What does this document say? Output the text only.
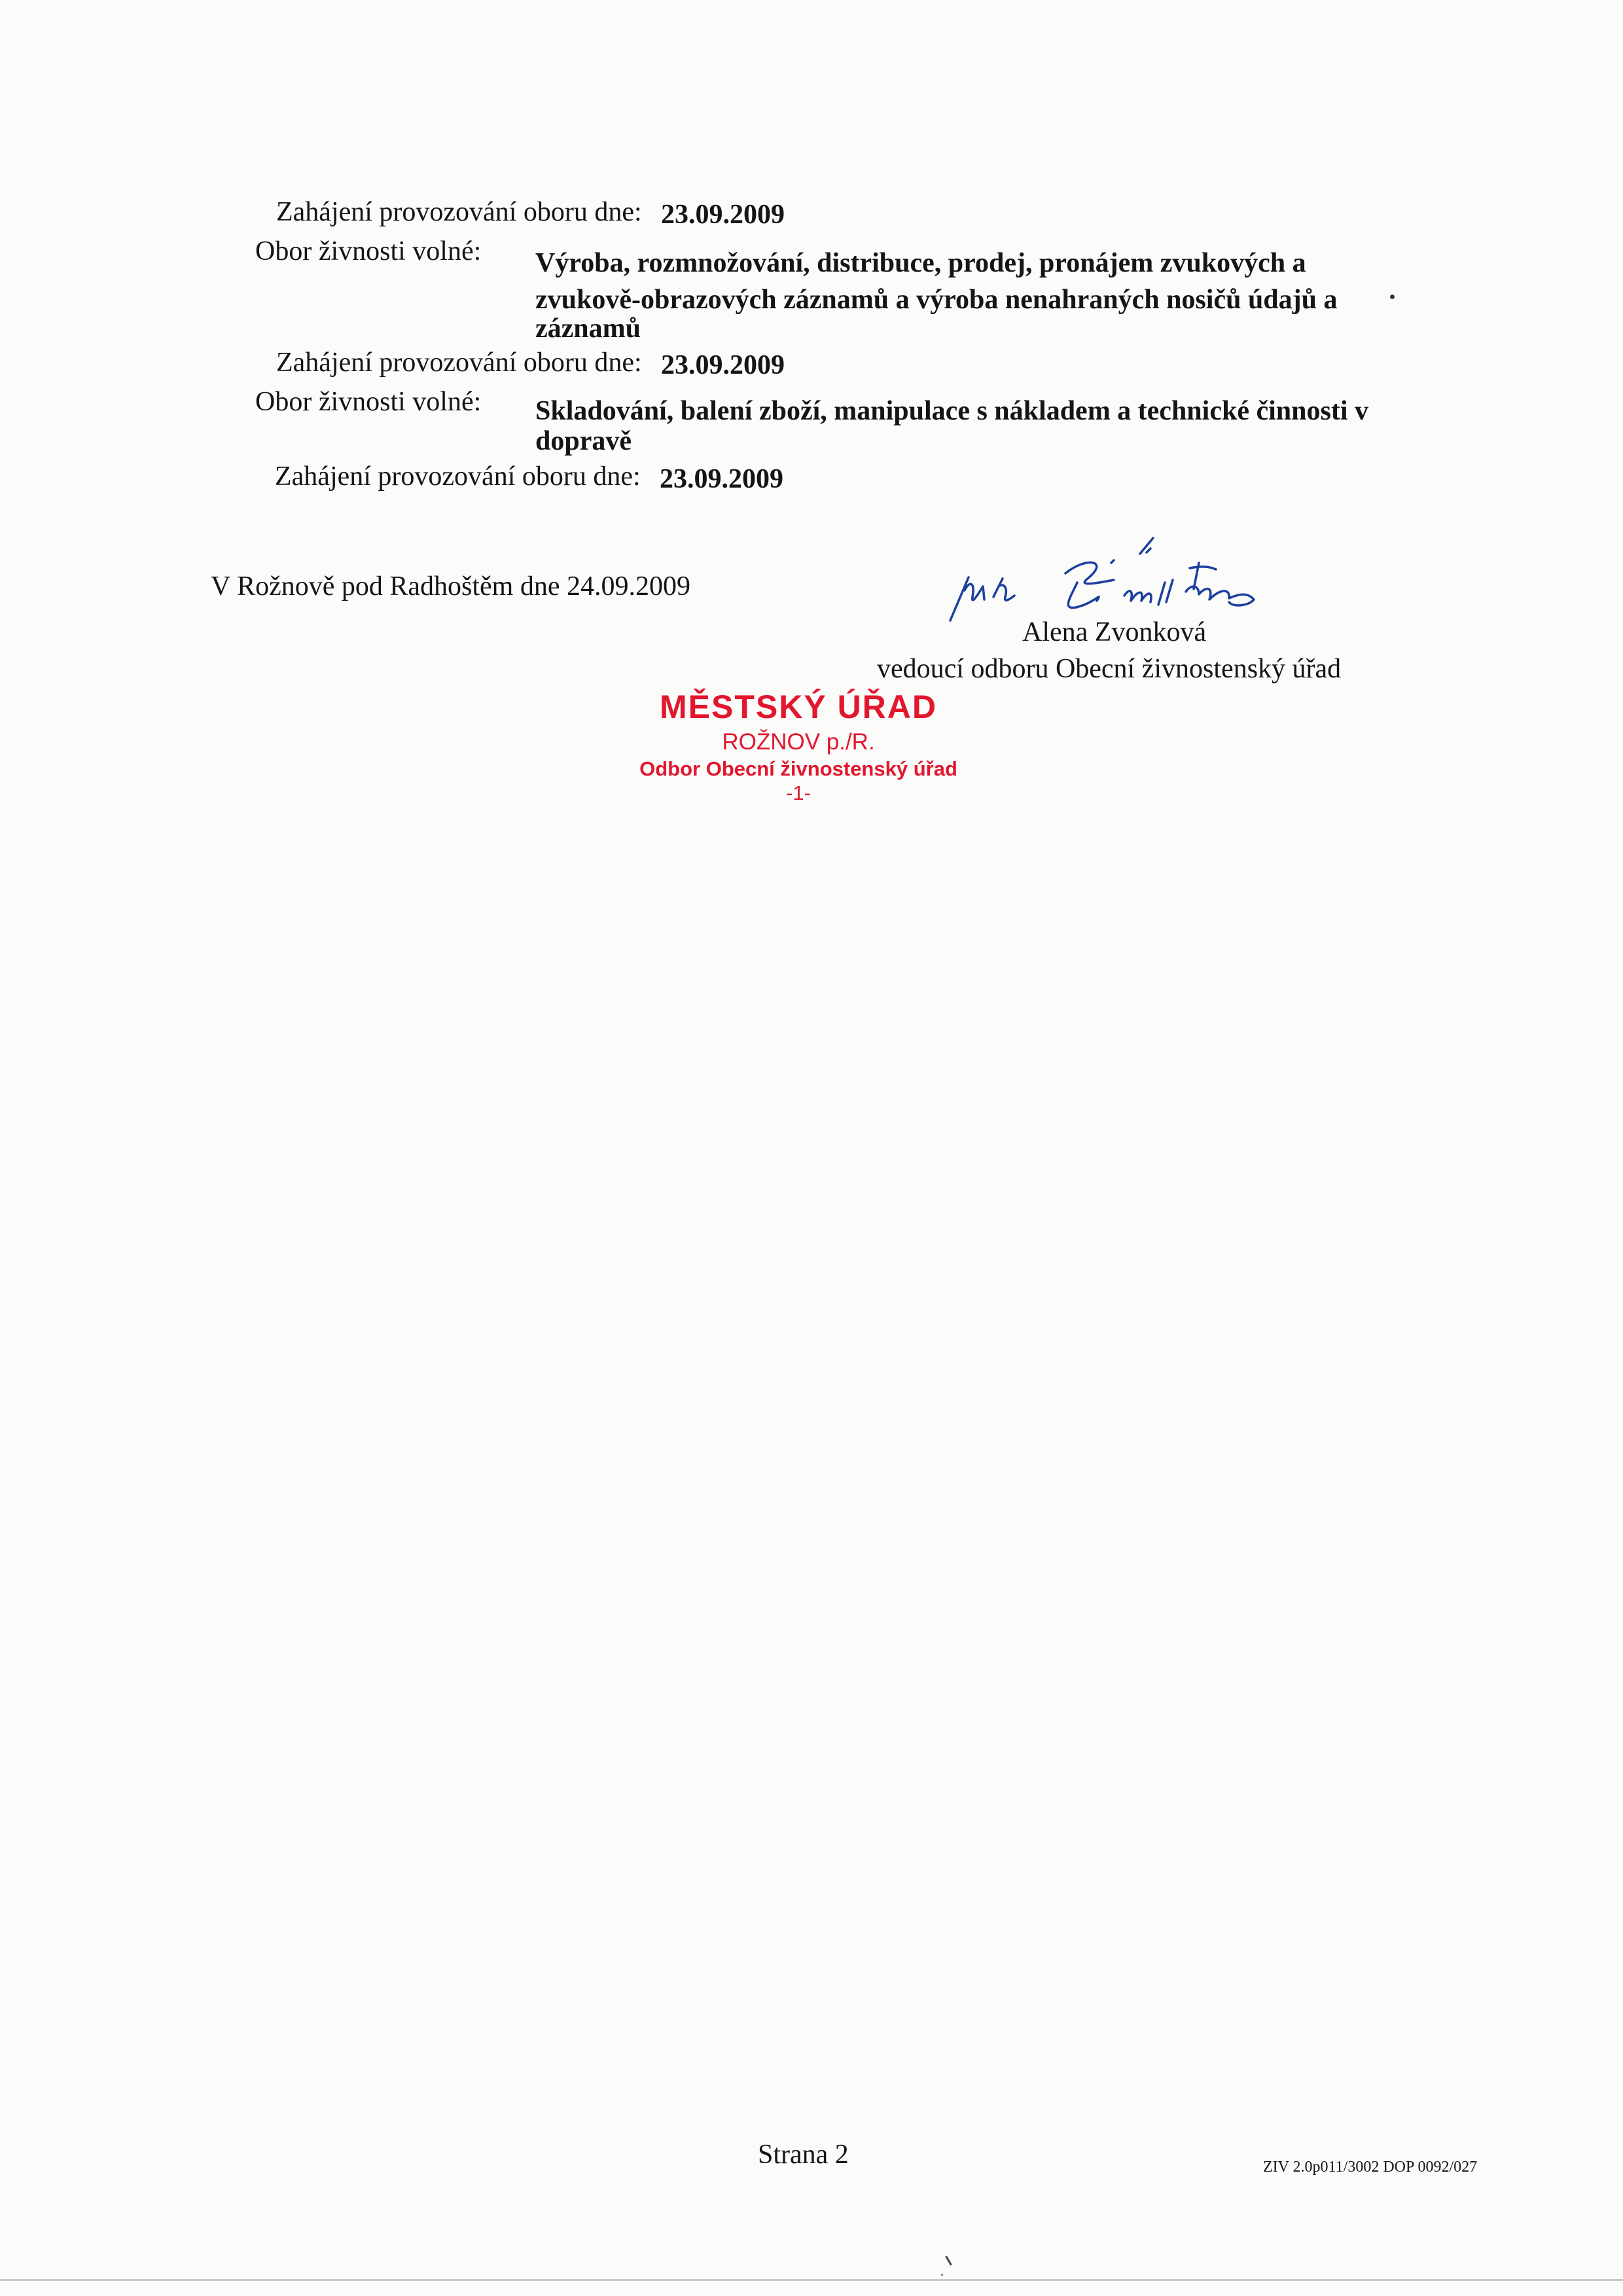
Zahájení provozování oboru dne: 23.09.2009
Obor živnosti volné: Výroba, rozmnožování, distribuce, prodej, pronájem zvukových a
zvukově-obrazových záznamů a výroba nenahraných nosičů údajů a
záznamů
Zahájení provozování oboru dne: 23.09.2009
Obor živnosti volné: Skladování, balení zboží, manipulace s nákladem a technické činnosti v
dopravě
Zahájení provozování oboru dne: 23.09.2009
V Rožnově pod Radhoštěm dne 24.09.2009
Alena Zvonková
vedoucí odboru Obecní živnostenský úřad
MĚSTSKÝ ÚŘAD
ROŽNOV p./R.
Odbor Obecní živnostenský úřad
-1-
Strana 2	ZIV 2.0p011/3002 DOP 0092/027
